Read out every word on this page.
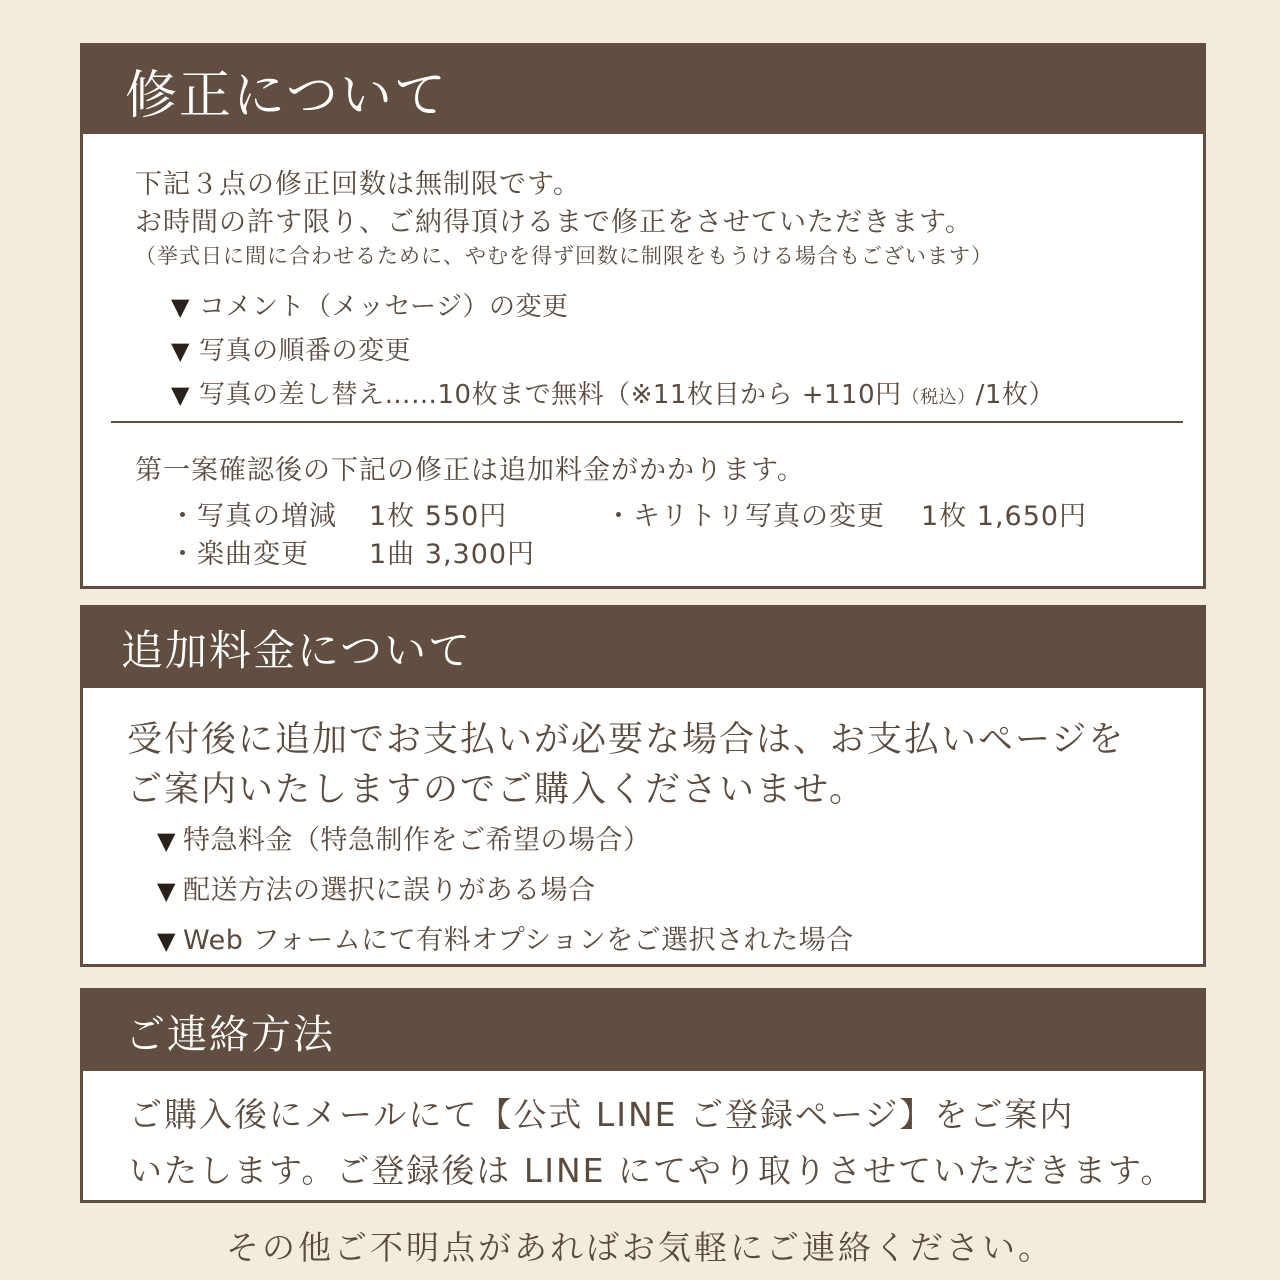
修正について
下記３点の修正回数は無制限です。
お時間の許す限り、ご納得頂けるまで修正をさせていただきます。
（挙式日に間に合わせるために、やむを得ず回数に制限をもうける場合もございます）
▼ コメント（メッセージ）の変更
▼ 写真の順番の変更
▼ 写真の差し替え……10枚まで無料（※11枚目から +110円（税込）/1枚）
第一案確認後の下記の修正は追加料金がかかります。
・写真の増減 1枚 550円	・キリトリ写真の変更 1枚 1,650円
・楽曲変更 1曲 3,300円
追加料金について
受付後に追加でお支払いが必要な場合は、お支払いページを
ご案内いたしますのでご購入くださいませ。
▼ 特急料金（特急制作をご希望の場合）
▼ 配送方法の選択に誤りがある場合
▼ Web フォームにて有料オプションをご選択された場合
ご連絡方法
ご購入後にメールにて【公式 LINE ご登録ページ】をご案内
いたします。ご登録後は LINE にてやり取りさせていただきます。
その他ご不明点があればお気軽にご連絡ください。
